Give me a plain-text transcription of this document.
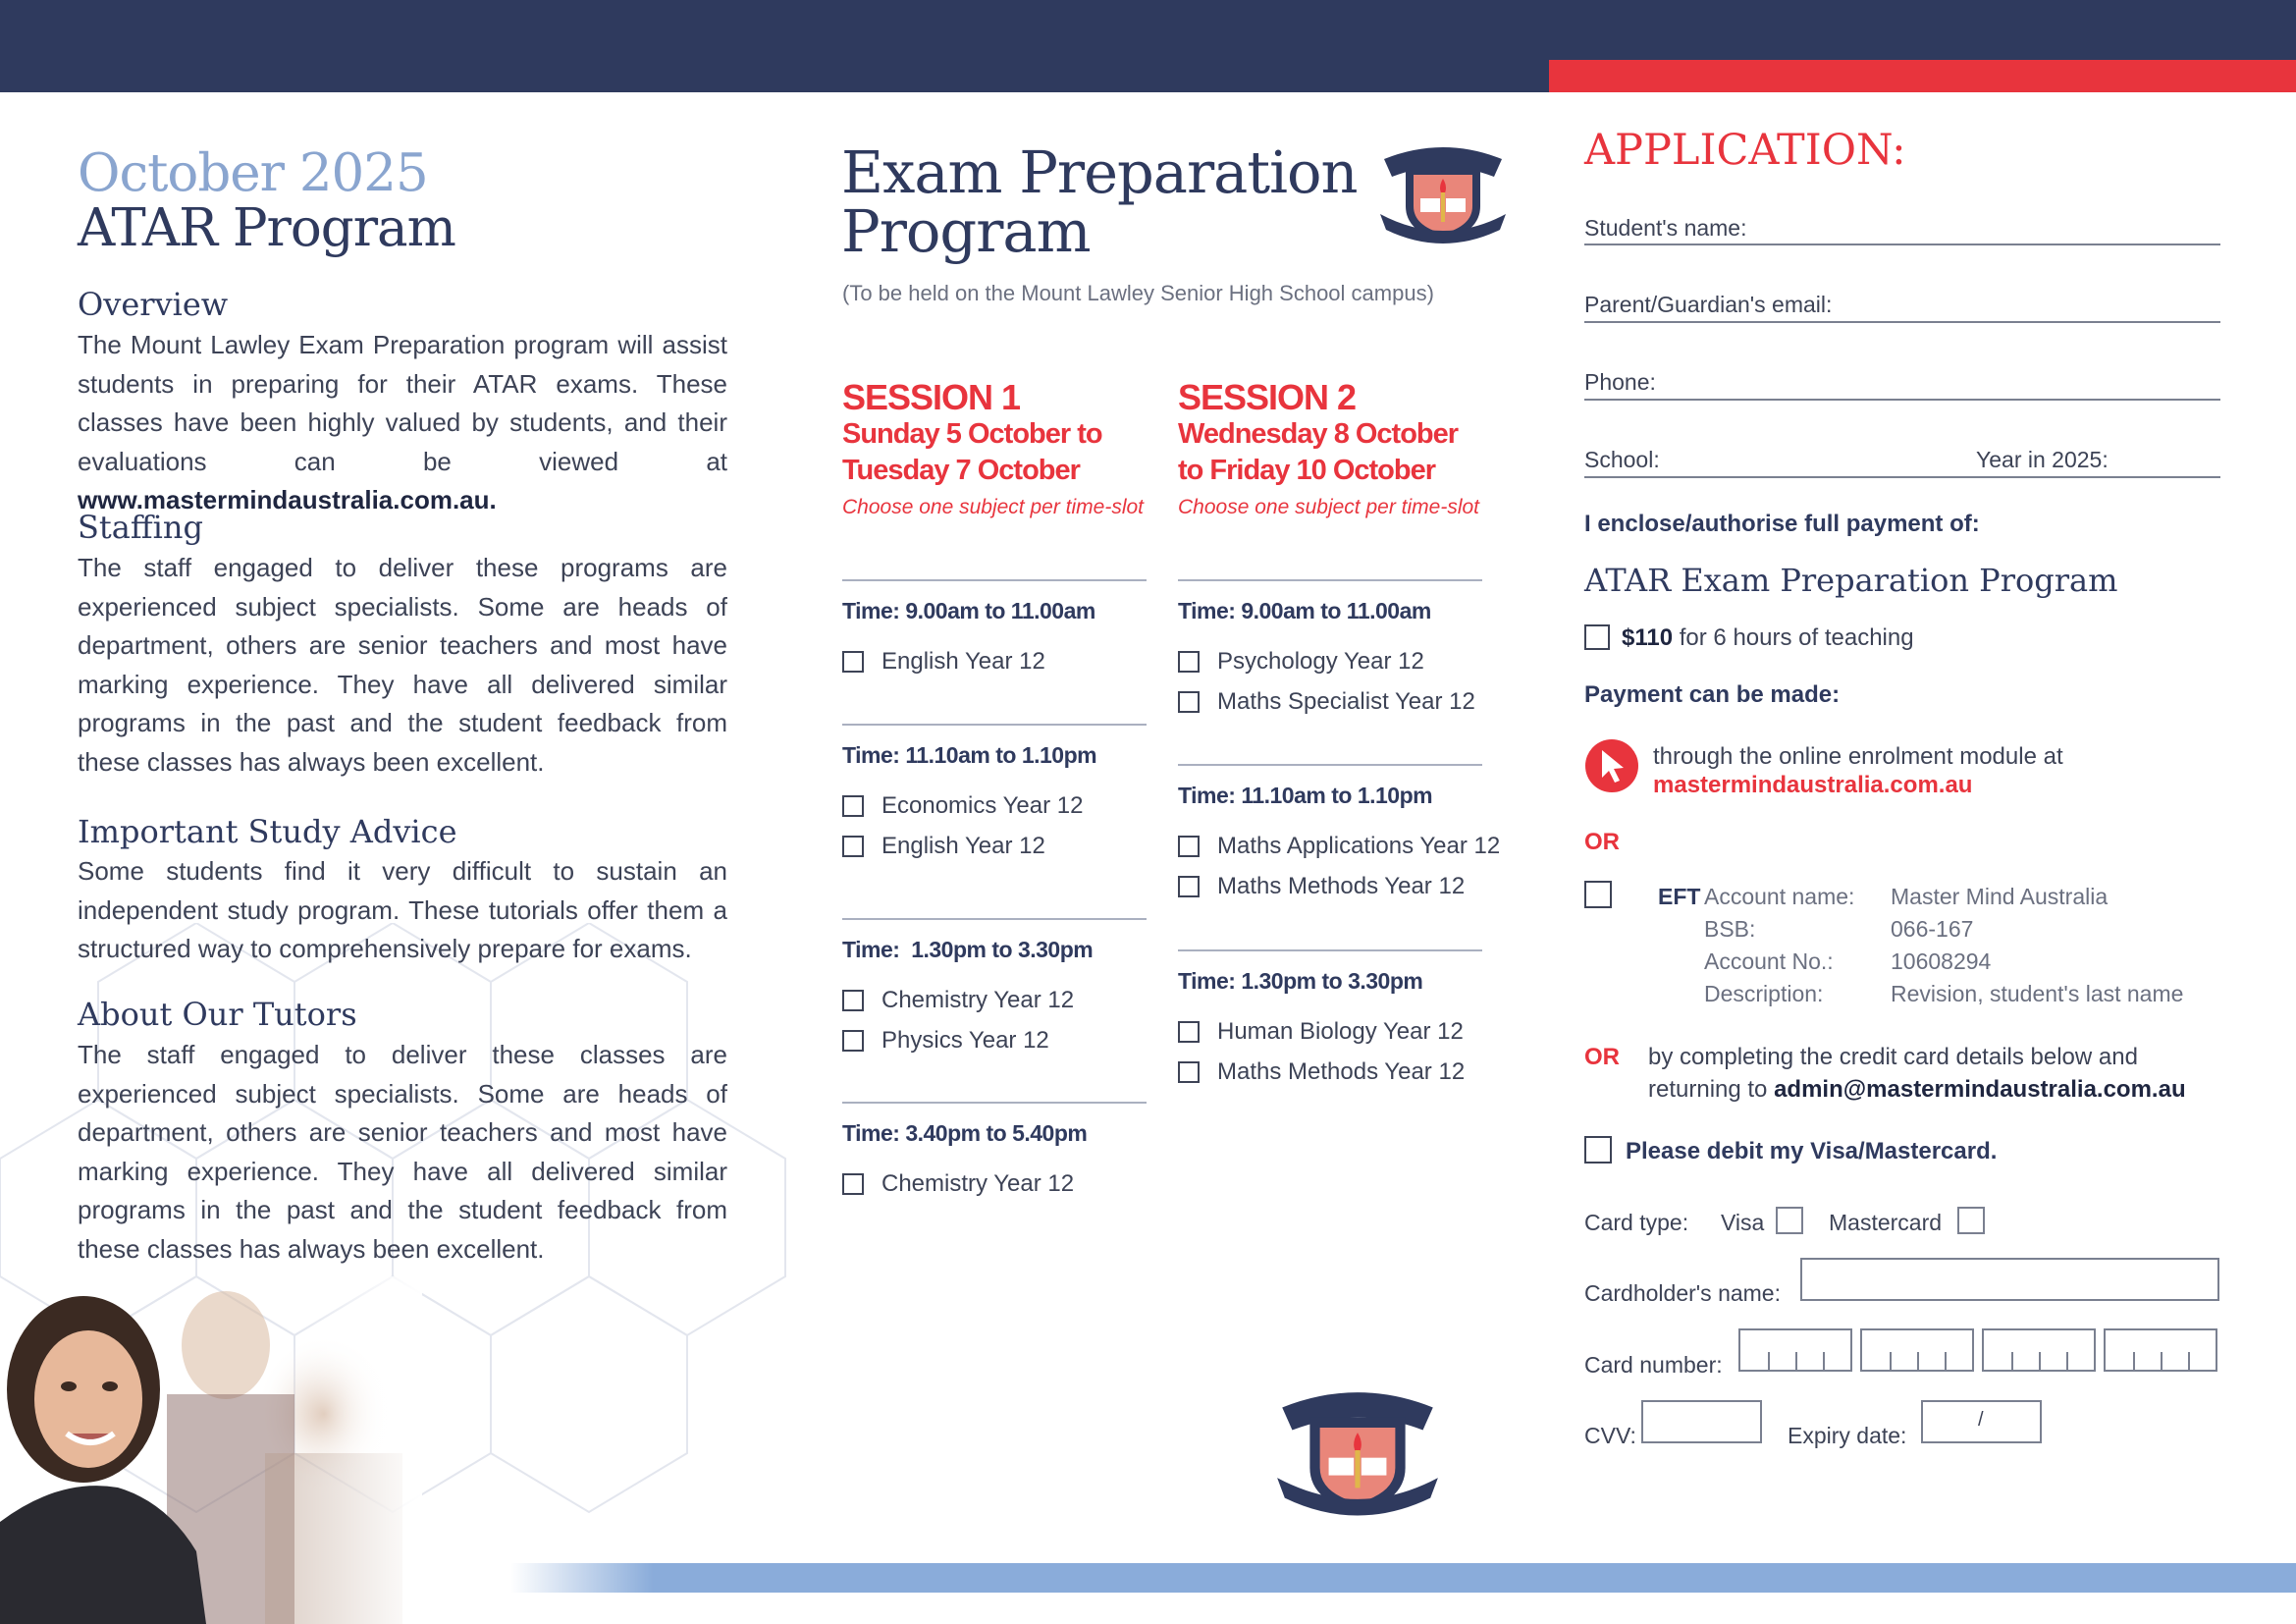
October 2025
ATAR Program
Overview
The Mount Lawley Exam Preparation program will assist students in preparing for their ATAR exams. These classes have been highly valued by students, and their evaluations can be viewed at www.mastermindaustralia.com.au.
Staffing
The staff engaged to deliver these programs are experienced subject specialists. Some are heads of department, others are senior teachers and most have marking experience. They have all delivered similar programs in the past and the student feedback from these classes has always been excellent.
Important Study Advice
Some students find it very difficult to sustain an independent study program. These tutorials offer them a structured way to comprehensively prepare for exams.
About Our Tutors
The staff engaged to deliver these classes are experienced subject specialists. Some are heads of department, others are senior teachers and most have marking experience. They have all delivered similar programs in the past and the student feedback from these classes has always been excellent.
Exam Preparation
Program
(To be held on the Mount Lawley Senior High School campus)
SESSION 1
Sunday 5 October to
Tuesday 7 October
Choose one subject per time-slot
Time: 9.00am to 11.00am
English Year 12
Time: 11.10am to 1.10pm
Economics Year 12
English Year 12
Time:  1.30pm to 3.30pm
Chemistry Year 12
Physics Year 12
Time: 3.40pm to 5.40pm
Chemistry Year 12
SESSION 2
Wednesday 8 October
to Friday 10 October
Choose one subject per time-slot
Time: 9.00am to 11.00am
Psychology Year 12
Maths Specialist Year 12
Time: 11.10am to 1.10pm
Maths Applications Year 12
Maths Methods Year 12
Time: 1.30pm to 3.30pm
Human Biology Year 12
Maths Methods Year 12
APPLICATION:
Student's name:
Parent/Guardian's email:
Phone:
School:	Year in 2025:
I enclose/authorise full payment of:
ATAR Exam Preparation Program
$110 for 6 hours of teaching
Payment can be made:
through the online enrolment module at
mastermindaustralia.com.au
OR
EFT Account name: Master Mind Australia
BSB:	066-167
Account No.:	10608294
Description:	Revision, student's last name
OR by completing the credit card details below and
returning to admin@mastermindaustralia.com.au
Please debit my Visa/Mastercard.
Card type: Visa	Mastercard
Cardholder's name:
Card number:
CVV:	Expiry date:
/
